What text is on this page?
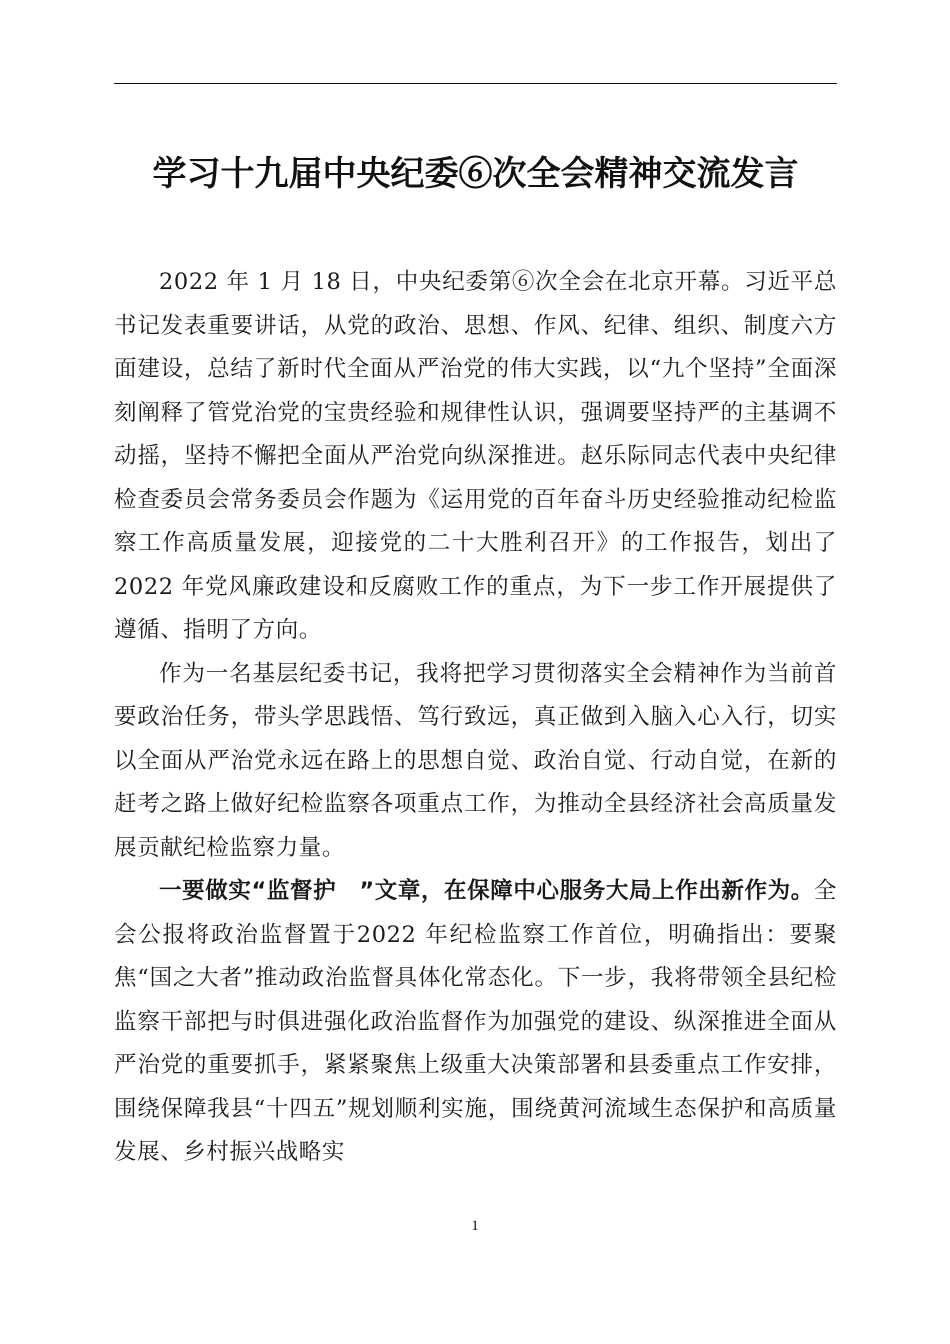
学习十九届中央纪委⑥次全会精神交流发言

2022 年 1 月 18 日，中央纪委第⑥次全会在北京开幕。习近平总书记发表重要讲话，从党的政治、思想、作风、纪律、组织、制度六方面建设，总结了新时代全面从严治党的伟大实践，以“九个坚持”全面深刻阐释了管党治党的宝贵经验和规律性认识，强调要坚持严的主基调不动摇，坚持不懈把全面从严治党向纵深推进。赵乐际同志代表中央纪律检查委员会常务委员会作题为《运用党的百年奋斗历史经验推动纪检监察工作高质量发展，迎接党的二十大胜利召开》的工作报告，划出了2022 年党风廉政建设和反腐败工作的重点，为下一步工作开展提供了遵循、指明了方向。

作为一名基层纪委书记，我将把学习贯彻落实全会精神作为当前首要政治任务，带头学思践悟、笃行致远，真正做到入脑入心入行，切实以全面从严治党永远在路上的思想自觉、政治自觉、行动自觉，在新的赶考之路上做好纪检监察各项重点工作，为推动全县经济社会高质量发展贡献纪检监察力量。

一要做实“监督护　”文章，在保障中心服务大局上作出新作为。全会公报将政治监督置于2022 年纪检监察工作首位，明确指出：要聚焦“国之大者”推动政治监督具体化常态化。下一步，我将带领全县纪检监察干部把与时俱进强化政治监督作为加强党的建设、纵深推进全面从严治党的重要抓手，紧紧聚焦上级重大决策部署和县委重点工作安排，围绕保障我县“十四五”规划顺利实施，围绕黄河流域生态保护和高质量发展、乡村振兴战略实

1
